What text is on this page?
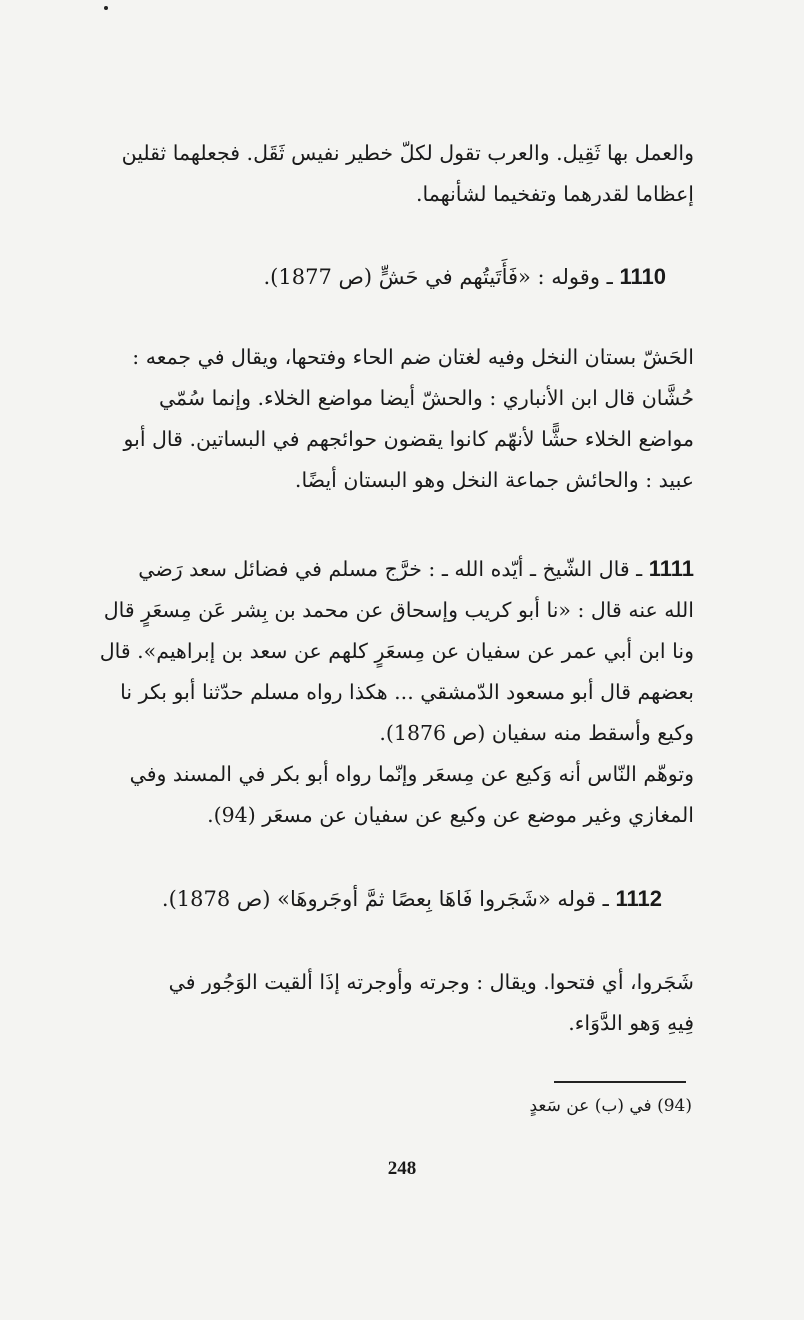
والعمل بها ثَقِيل. والعرب تقول لكلّ خطير نفيس ثَقَل. فجعلهما ثقلين
إعظاما لقدرهما وتفخيما لشأنهما.
1110 ـ وقوله : «فَأَتَيتُهم في حَشٍّ (ص 1877).
الحَشّ بستان النخل وفيه لغتان ضم الحاء وفتحها، ويقال في جمعه :
حُشَّان قال ابن الأنباري : والحشّ أيضا مواضع الخلاء. وإنما سُمّي
مواضع الخلاء حشًّا لأنهّم كانوا يقضون حوائجهم في البساتين. قال أبو
عبيد : والحائش جماعة النخل وهو البستان أيضًا.
1111 ـ قال الشّيخ ـ أيّده الله ـ : خرَّج مسلم في فضائل سعد رَضي
الله عنه قال : «نا أبو كريب وإسحاق عن محمد بن بِشر عَن مِسعَرٍ قال
ونا ابن أبي عمر عن سفيان عن مِسعَرٍ كلهم عن سعد بن إبراهيم». قال
بعضهم قال أبو مسعود الدّمشقي ... هكذا رواه مسلم حدّثنا أبو بكر نا
وكيع وأسقط منه سفيان (ص 1876).
وتوهّم النّاس أنه وَكيع عن مِسعَر وإنّما رواه أبو بكر في المسند وفي
المغازي وغير موضع عن وكيع عن سفيان عن مسعَر (94).
1112 ـ قوله «شَجَروا فَاهَا بِعصًا ثمَّ أوجَروهَا» (ص 1878).
شَجَروا، أي فتحوا. ويقال : وجرته وأوجرته إذَا ألقيت الوَجُور في
فِيهِ وَهو الدَّوَاء.
(94) في (ب) عن سَعدٍ
248
